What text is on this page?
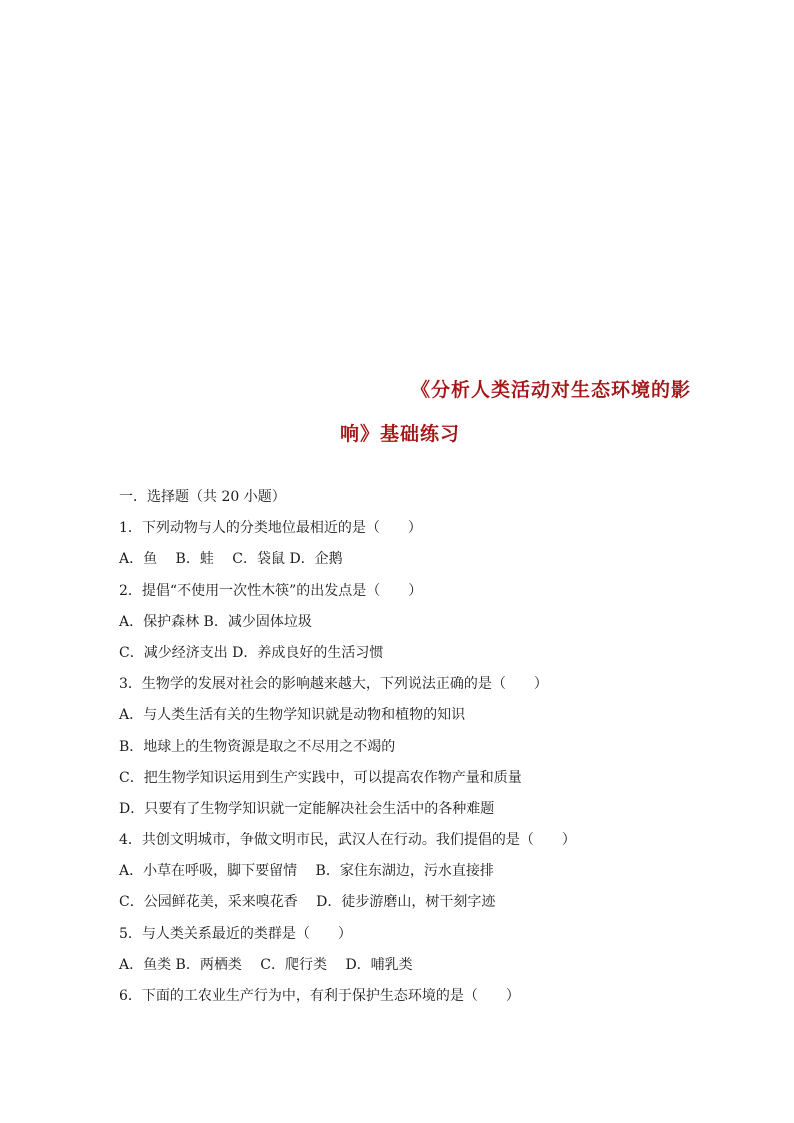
《分析人类活动对生态环境的影
响》基础练习
一．选择题（共 20 小题）
1．下列动物与人的分类地位最相近的是（　　）
A．鱼　 B．蛙　 C．袋鼠 D．企鹅
2．提倡“不使用一次性木筷”的出发点是（　　）
A．保护森林 B．减少固体垃圾
C．减少经济支出 D．养成良好的生活习惯
3．生物学的发展对社会的影响越来越大，下列说法正确的是（　　）
A．与人类生活有关的生物学知识就是动物和植物的知识
B．地球上的生物资源是取之不尽用之不竭的
C．把生物学知识运用到生产实践中，可以提高农作物产量和质量
D．只要有了生物学知识就一定能解决社会生活中的各种难题
4．共创文明城市，争做文明市民，武汉人在行动。我们提倡的是（　　）
A．小草在呼吸，脚下要留情　 B．家住东湖边，污水直接排
C．公园鲜花美，采来嗅花香　 D．徒步游磨山，树干刻字迹
5．与人类关系最近的类群是（　　）
A．鱼类 B．两栖类　 C．爬行类　 D．哺乳类
6．下面的工农业生产行为中，有利于保护生态环境的是（　　）
